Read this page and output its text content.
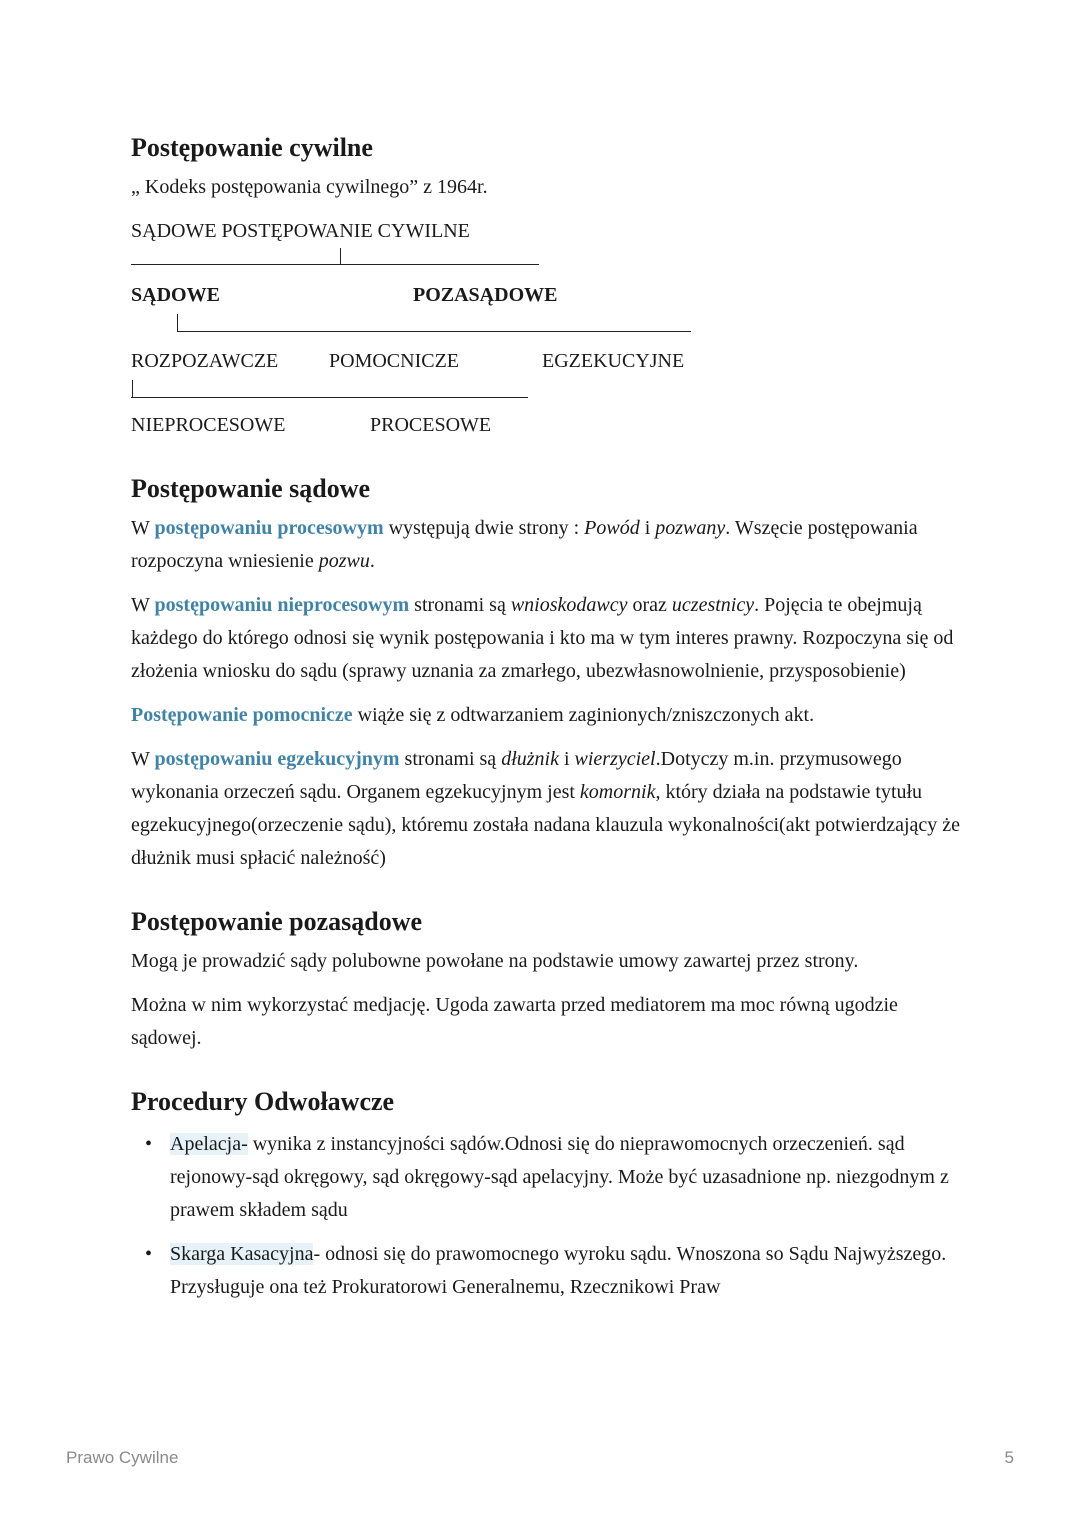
Postępowanie cywilne

„ Kodeks postępowania cywilnego” z 1964r.

SĄDOWE POSTĘPOWANIE CYWILNE

SĄDOWE

	POZASĄDOWE

ROZPOZAWCZE

	POMOCNICZE

	EGZEKUCYJNE

NIEPROCESOWE

	PROCESOWE

Postępowanie sądowe

W postępowaniu procesowym występują dwie strony : Powód i pozwany. Wszęcie postępowania rozpoczyna wniesienie pozwu.

W postępowaniu nieprocesowym stronami są wnioskodawcy oraz uczestnicy. Pojęcia te obejmują każdego do którego odnosi się wynik postępowania i kto ma w tym interes prawny. Rozpoczyna się od złożenia wniosku do sądu (sprawy uznania za zmarłego, ubezwłasnowolnienie, przysposobienie)

Postępowanie pomocnicze wiąże się z odtwarzaniem zaginionych/zniszczonych akt.

W postępowaniu egzekucyjnym stronami są dłużnik i wierzyciel.Dotyczy m.in. przymusowego wykonania orzeczeń sądu. Organem egzekucyjnym jest komornik, który działa na podstawie tytułu egzekucyjnego(orzeczenie sądu), któremu została nadana klauzula wykonalności(akt potwierdzający że dłużnik musi spłacić należność)

Postępowanie pozasądowe

Mogą je prowadzić sądy polubowne powołane na podstawie umowy zawartej przez strony.

Można w nim wykorzystać medjację. Ugoda zawarta przed mediatorem ma moc równą ugodzie sądowej.

Procedury Odwoławcze
• Apelacja- wynika z instancyjności sądów.Odnosi się do nieprawomocnych orzeczenień. sąd rejonowy-sąd okręgowy, sąd okręgowy-sąd apelacyjny. Może być uzasadnione np. niezgodnym z prawem składem sądu
• Skarga Kasacyjna- odnosi się do prawomocnego wyroku sądu. Wnoszona so Sądu Najwyższego. Przysługuje ona też Prokuratorowi Generalnemu, Rzecznikowi Praw
Prawo Cywilne	5
